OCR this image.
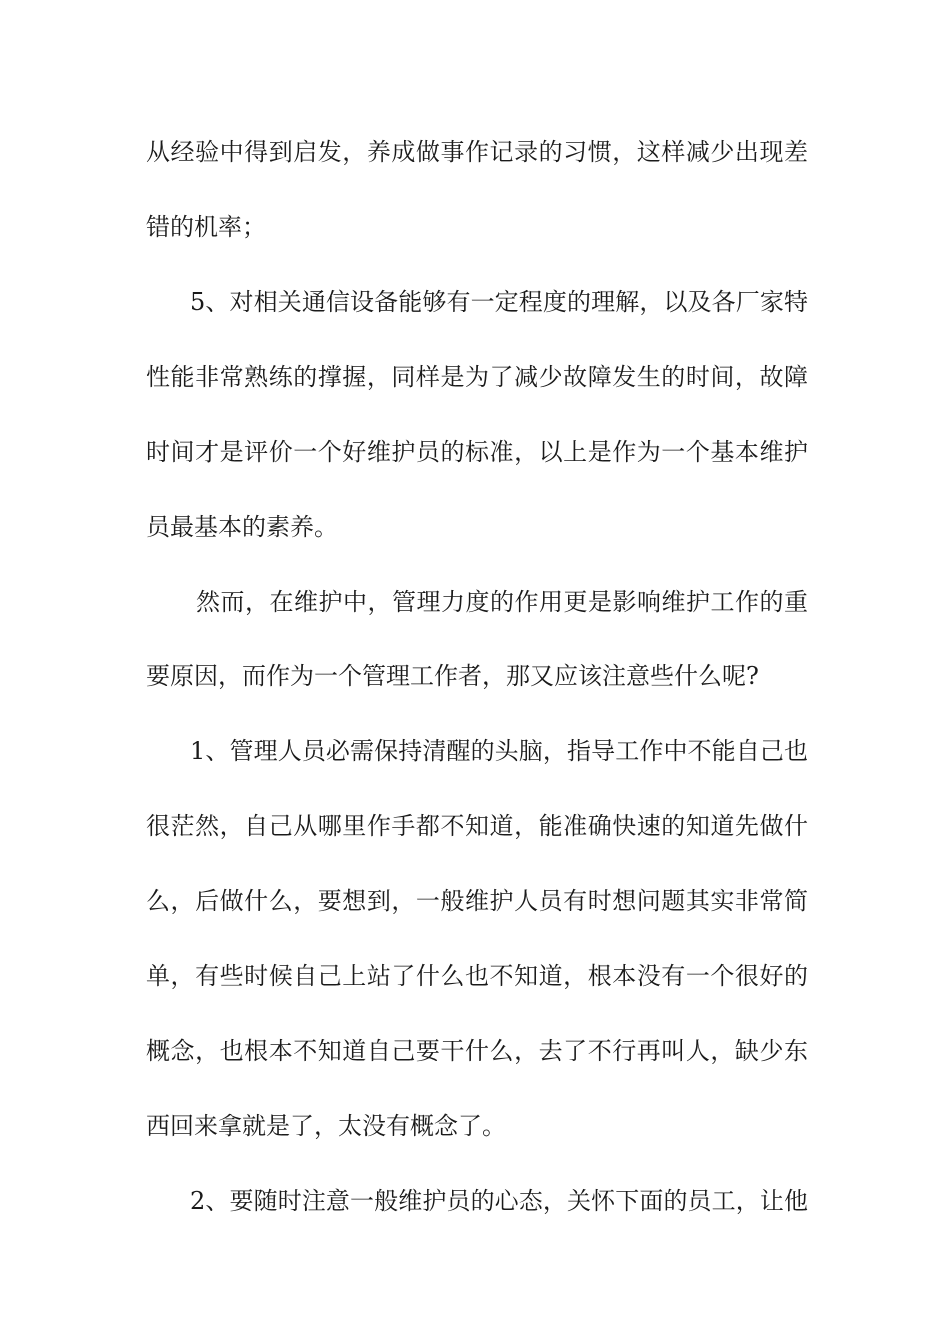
从经验中得到启发，养成做事作记录的习惯，这样减少出现差
错的机率；
5、对相关通信设备能够有一定程度的理解，以及各厂家特
性能非常熟练的撑握，同样是为了减少故障发生的时间，故障
时间才是评价一个好维护员的标准，以上是作为一个基本维护
员最基本的素养。
然而，在维护中，管理力度的作用更是影响维护工作的重
要原因，而作为一个管理工作者，那又应该注意些什么呢?
1、管理人员必需保持清醒的头脑，指导工作中不能自己也
很茫然，自己从哪里作手都不知道，能准确快速的知道先做什
么，后做什么，要想到，一般维护人员有时想问题其实非常简
单，有些时候自己上站了什么也不知道，根本没有一个很好的
概念，也根本不知道自己要干什么，去了不行再叫人，缺少东
西回来拿就是了，太没有概念了。
2、要随时注意一般维护员的心态，关怀下面的员工，让他
